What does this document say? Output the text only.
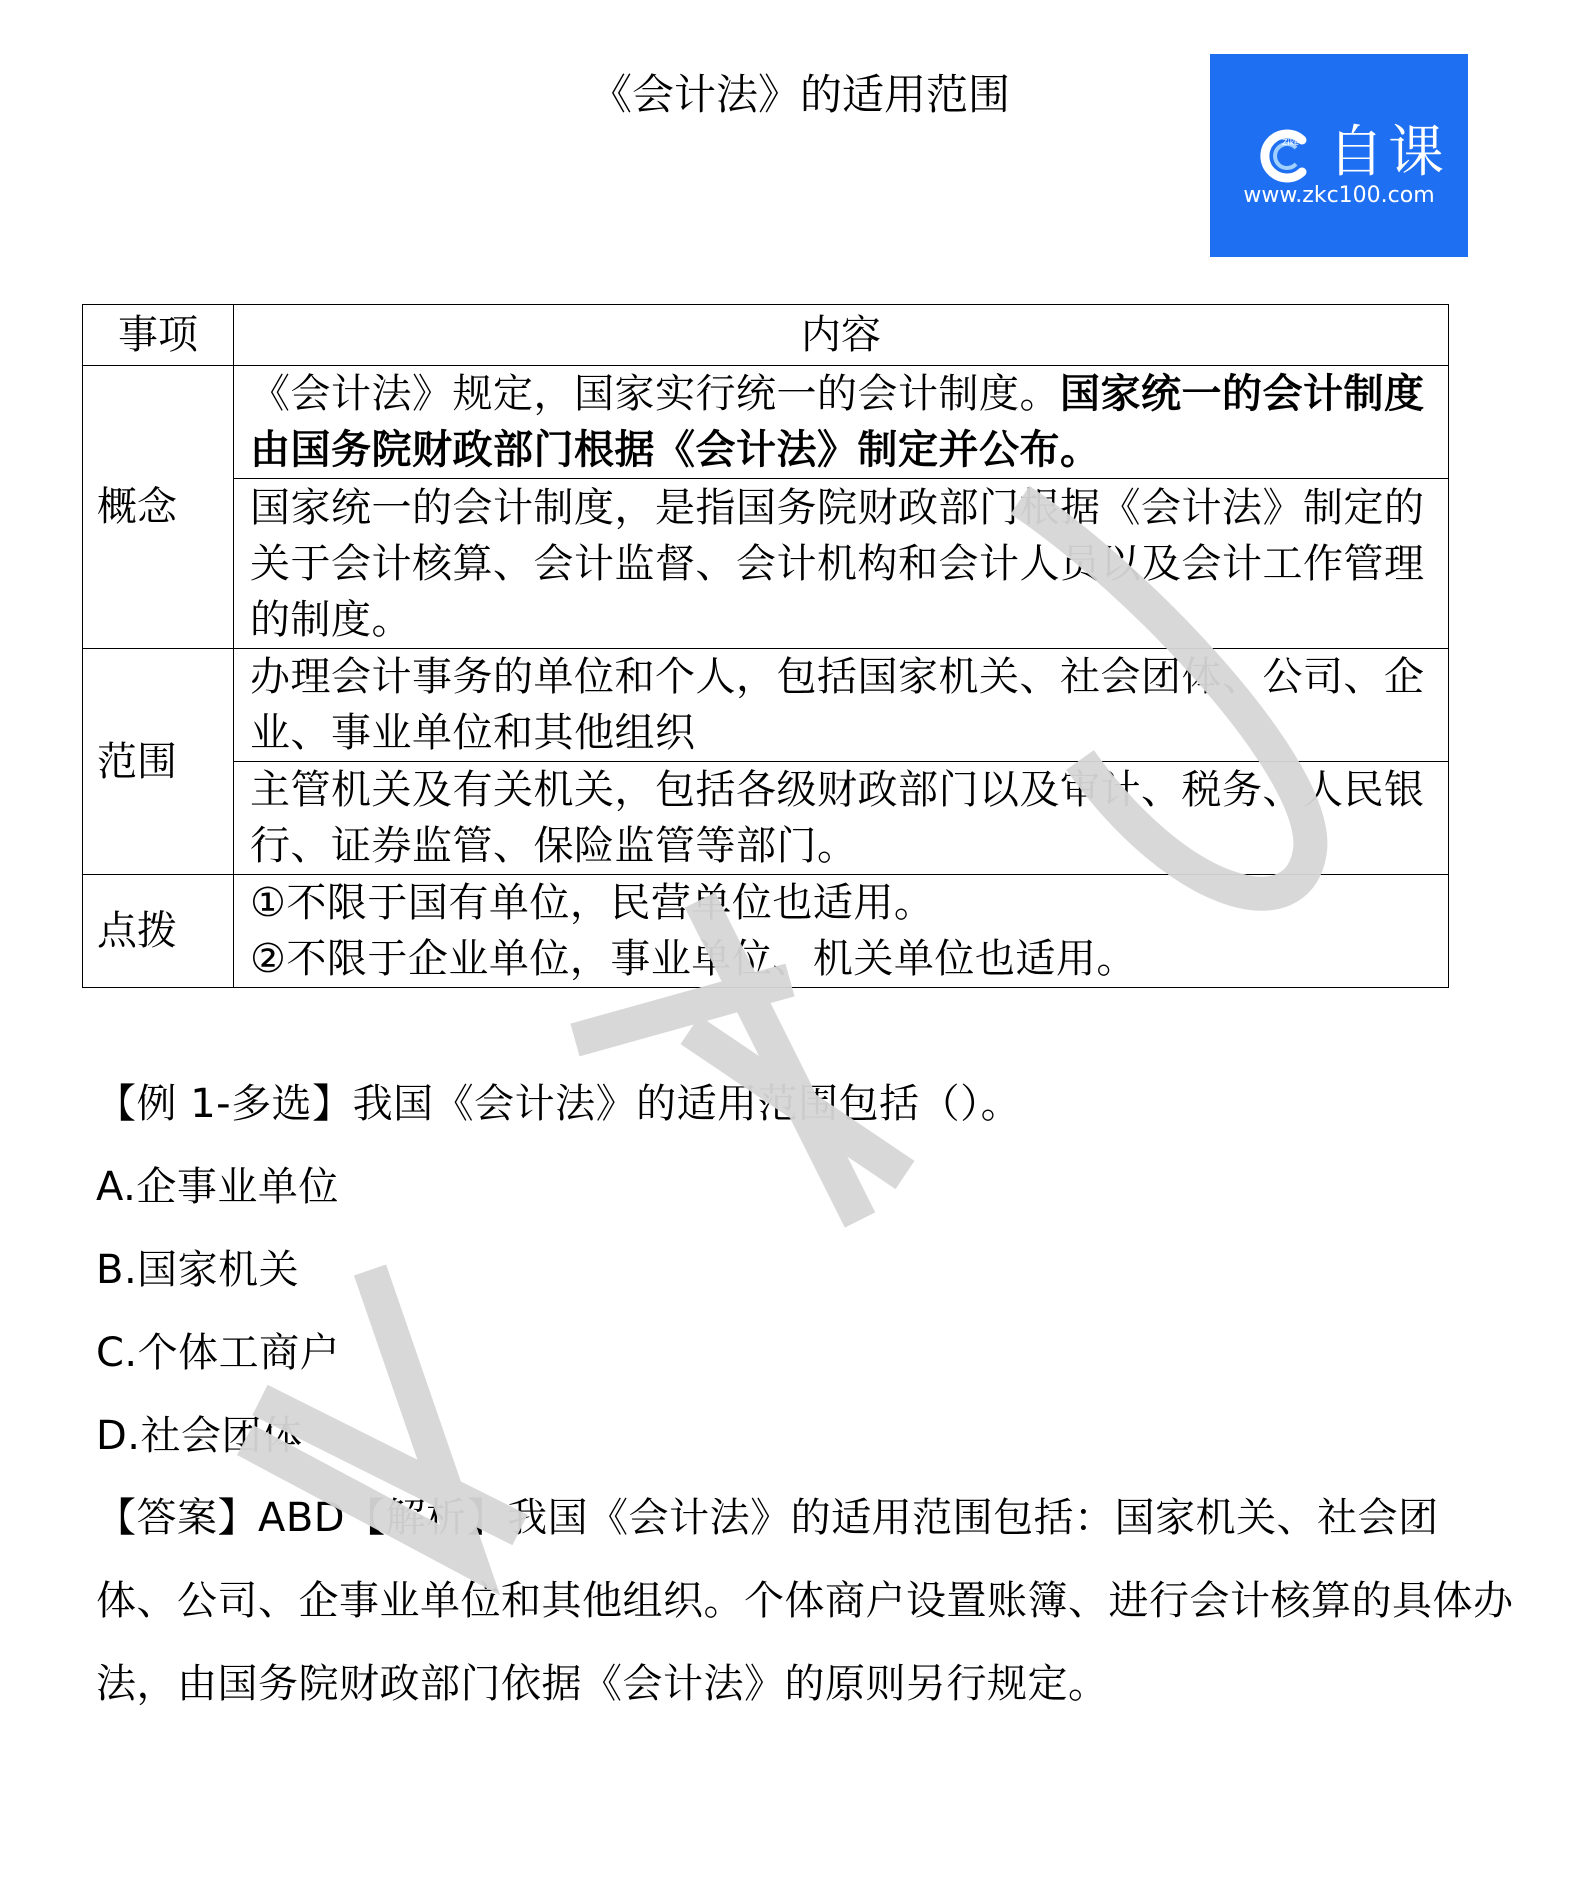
《会计法》的适用范围
Zike 自课
www.zkc100.com
事项	内容
概念	《会计法》规定，国家实行统一的会计制度。国家统一的会计制度由国务院财政部门根据《会计法》制定并公布。
	国家统一的会计制度，是指国务院财政部门根据《会计法》制定的关于会计核算、会计监督、会计机构和会计人员以及会计工作管理的制度。
范围	办理会计事务的单位和个人，包括国家机关、社会团体、公司、企业、事业单位和其他组织
	主管机关及有关机关，包括各级财政部门以及审计、税务、人民银行、证券监管、保险监管等部门。
点拨	①不限于国有单位，民营单位也适用。
②不限于企业单位，事业单位、机关单位也适用。
【例 1-多选】我国《会计法》的适用范围包括（）。
A.企事业单位
B.国家机关
C.个体工商户
D.社会团体
【答案】ABD【解析】我国《会计法》的适用范围包括：国家机关、社会团体、公司、企事业单位和其他组织。个体商户设置账簿、进行会计核算的具体办法，由国务院财政部门依据《会计法》的原则另行规定。
